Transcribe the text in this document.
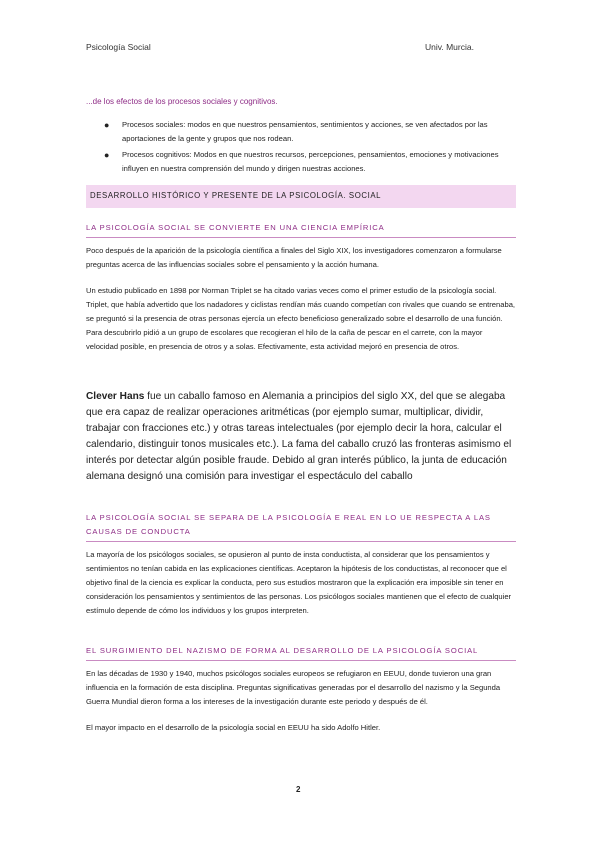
Psicología Social	Univ. Murcia.
...de los efectos de los procesos sociales y cognitivos.
● Procesos sociales: modos en que nuestros pensamientos, sentimientos y acciones, se ven afectados por las aportaciones de la gente y grupos que nos rodean.
● Procesos cognitivos: Modos en que nuestros recursos, percepciones, pensamientos, emociones y motivaciones influyen en nuestra comprensión del mundo y dirigen nuestras acciones.
DESARROLLO HISTÓRICO Y PRESENTE DE LA PSICOLOGÍA. SOCIAL
LA PSICOLOGÍA SOCIAL SE CONVIERTE EN UNA CIENCIA EMPÍRICA

Poco después de la aparición de la psicología científica a finales del Siglo XIX, los investigadores comenzaron a formularse preguntas acerca de las influencias sociales sobre el pensamiento y la acción humana.

Un estudio publicado en 1898 por Norman Triplet se ha citado varias veces como el primer estudio de la psicología social. Triplet, que había advertido que los nadadores y ciclistas rendían más cuando competían con rivales que cuando se entrenaba, se preguntó si la presencia de otras personas ejercía un efecto beneficioso generalizado sobre el desarrollo de una función. Para descubrirlo pidió a un grupo de escolares que recogieran el hilo de la caña de pescar en el carrete, con la mayor velocidad posible, en presencia de otros y a solas. Efectivamente, esta actividad mejoró en presencia de otros.

Clever Hans fue un caballo famoso en Alemania a principios del siglo XX, del que se alegaba que era capaz de realizar operaciones aritméticas (por ejemplo sumar, multiplicar, dividir, trabajar con fracciones etc.) y otras tareas intelectuales (por ejemplo decir la hora, calcular el calendario, distinguir tonos musicales etc.). La fama del caballo cruzó las fronteras asimismo el interés por detectar algún posible fraude. Debido al gran interés público, la junta de educación alemana designó una comisión para investigar el espectáculo del caballo
LA PSICOLOGÍA SOCIAL SE SEPARA DE LA PSICOLOGÍA E REAL EN LO UE RESPECTA A LAS CAUSAS DE CONDUCTA

La mayoría de los psicólogos sociales, se opusieron al punto de insta conductista, al considerar que los pensamientos y sentimientos no tenían cabida en las explicaciones científicas. Aceptaron la hipótesis de los conductistas, al reconocer que el objetivo final de la ciencia es explicar la conducta, pero sus estudios mostraron que la explicación era imposible sin tener en consideración los pensamientos y sentimientos de las personas. Los psicólogos sociales mantienen que el efecto de cualquier estímulo depende de cómo los individuos y los grupos interpreten.

EL SURGIMIENTO DEL NAZISMO DE FORMA AL DESARROLLO DE LA PSICOLOGÍA SOCIAL

En las décadas de 1930 y 1940, muchos psicólogos sociales europeos se refugiaron en EEUU, donde tuvieron una gran influencia en la formación de esta disciplina. Preguntas significativas generadas por el desarrollo del nazismo y la Segunda Guerra Mundial dieron forma a los intereses de la investigación durante este periodo y después de él.

El mayor impacto en el desarrollo de la psicología social en EEUU ha sido Adolfo Hitler.

2
